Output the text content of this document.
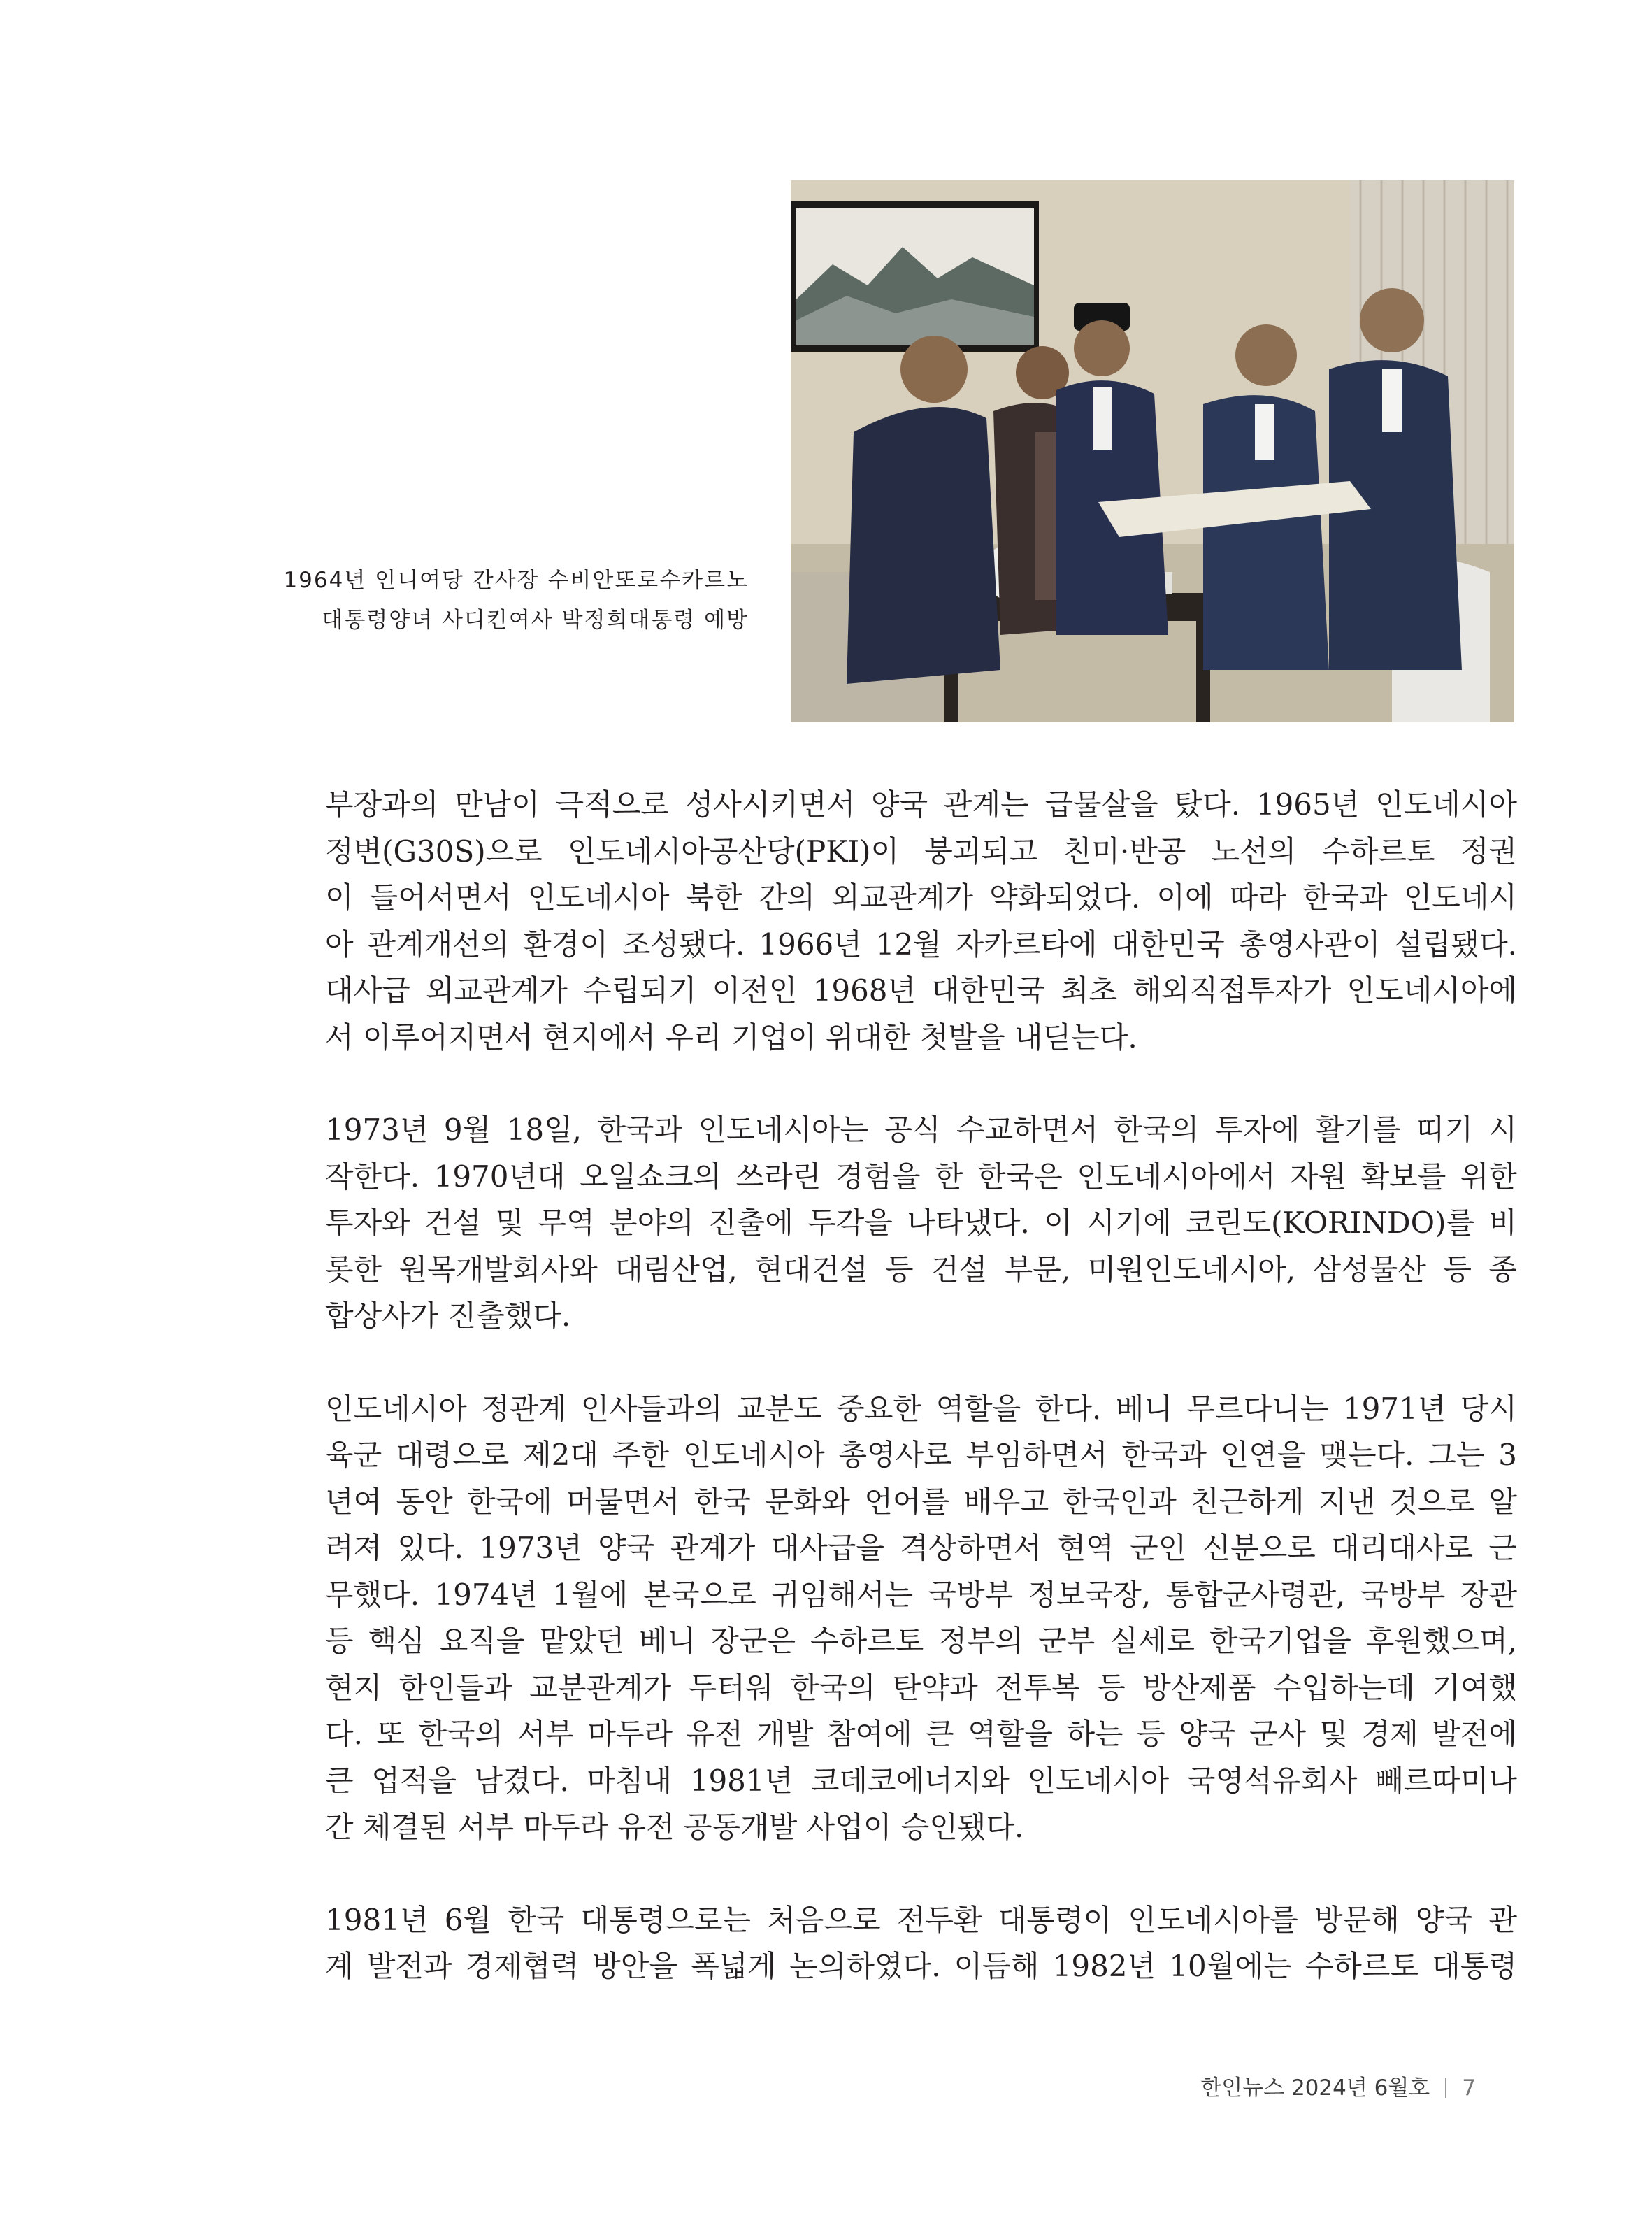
1964년 인니여당 간사장 수비안또로수카르노
대통령양녀 사디킨여사 박정희대통령 예방
부장과의 만남이 극적으로 성사시키면서 양국 관계는 급물살을 탔다. 1965년 인도네시아
정변(G30S)으로 인도네시아공산당(PKI)이 붕괴되고 친미·반공 노선의 수하르토 정권
이 들어서면서 인도네시아 북한 간의 외교관계가 약화되었다. 이에 따라 한국과 인도네시
아 관계개선의 환경이 조성됐다. 1966년 12월 자카르타에 대한민국 총영사관이 설립됐다.
대사급 외교관계가 수립되기 이전인 1968년 대한민국 최초 해외직접투자가 인도네시아에
서 이루어지면서 현지에서 우리 기업이 위대한 첫발을 내딛는다.
1973년 9월 18일, 한국과 인도네시아는 공식 수교하면서 한국의 투자에 활기를 띠기 시
작한다. 1970년대 오일쇼크의 쓰라린 경험을 한 한국은 인도네시아에서 자원 확보를 위한
투자와 건설 및 무역 분야의 진출에 두각을 나타냈다. 이 시기에 코린도(KORINDO)를 비
롯한 원목개발회사와 대림산업, 현대건설 등 건설 부문, 미원인도네시아, 삼성물산 등 종
합상사가 진출했다.
인도네시아 정관계 인사들과의 교분도 중요한 역할을 한다. 베니 무르다니는 1971년 당시
육군 대령으로 제2대 주한 인도네시아 총영사로 부임하면서 한국과 인연을 맺는다. 그는 3
년여 동안 한국에 머물면서 한국 문화와 언어를 배우고 한국인과 친근하게 지낸 것으로 알
려져 있다. 1973년 양국 관계가 대사급을 격상하면서 현역 군인 신분으로 대리대사로 근
무했다. 1974년 1월에 본국으로 귀임해서는 국방부 정보국장, 통합군사령관, 국방부 장관
등 핵심 요직을 맡았던 베니 장군은 수하르토 정부의 군부 실세로 한국기업을 후원했으며,
현지 한인들과 교분관계가 두터워 한국의 탄약과 전투복 등 방산제품 수입하는데 기여했
다. 또 한국의 서부 마두라 유전 개발 참여에 큰 역할을 하는 등 양국 군사 및 경제 발전에
큰 업적을 남겼다. 마침내 1981년 코데코에너지와 인도네시아 국영석유회사 빼르따미나
간 체결된 서부 마두라 유전 공동개발 사업이 승인됐다.
1981년 6월 한국 대통령으로는 처음으로 전두환 대통령이 인도네시아를 방문해 양국 관
계 발전과 경제협력 방안을 폭넓게 논의하였다. 이듬해 1982년 10월에는 수하르토 대통령
한인뉴스 2024년 6월호 7
